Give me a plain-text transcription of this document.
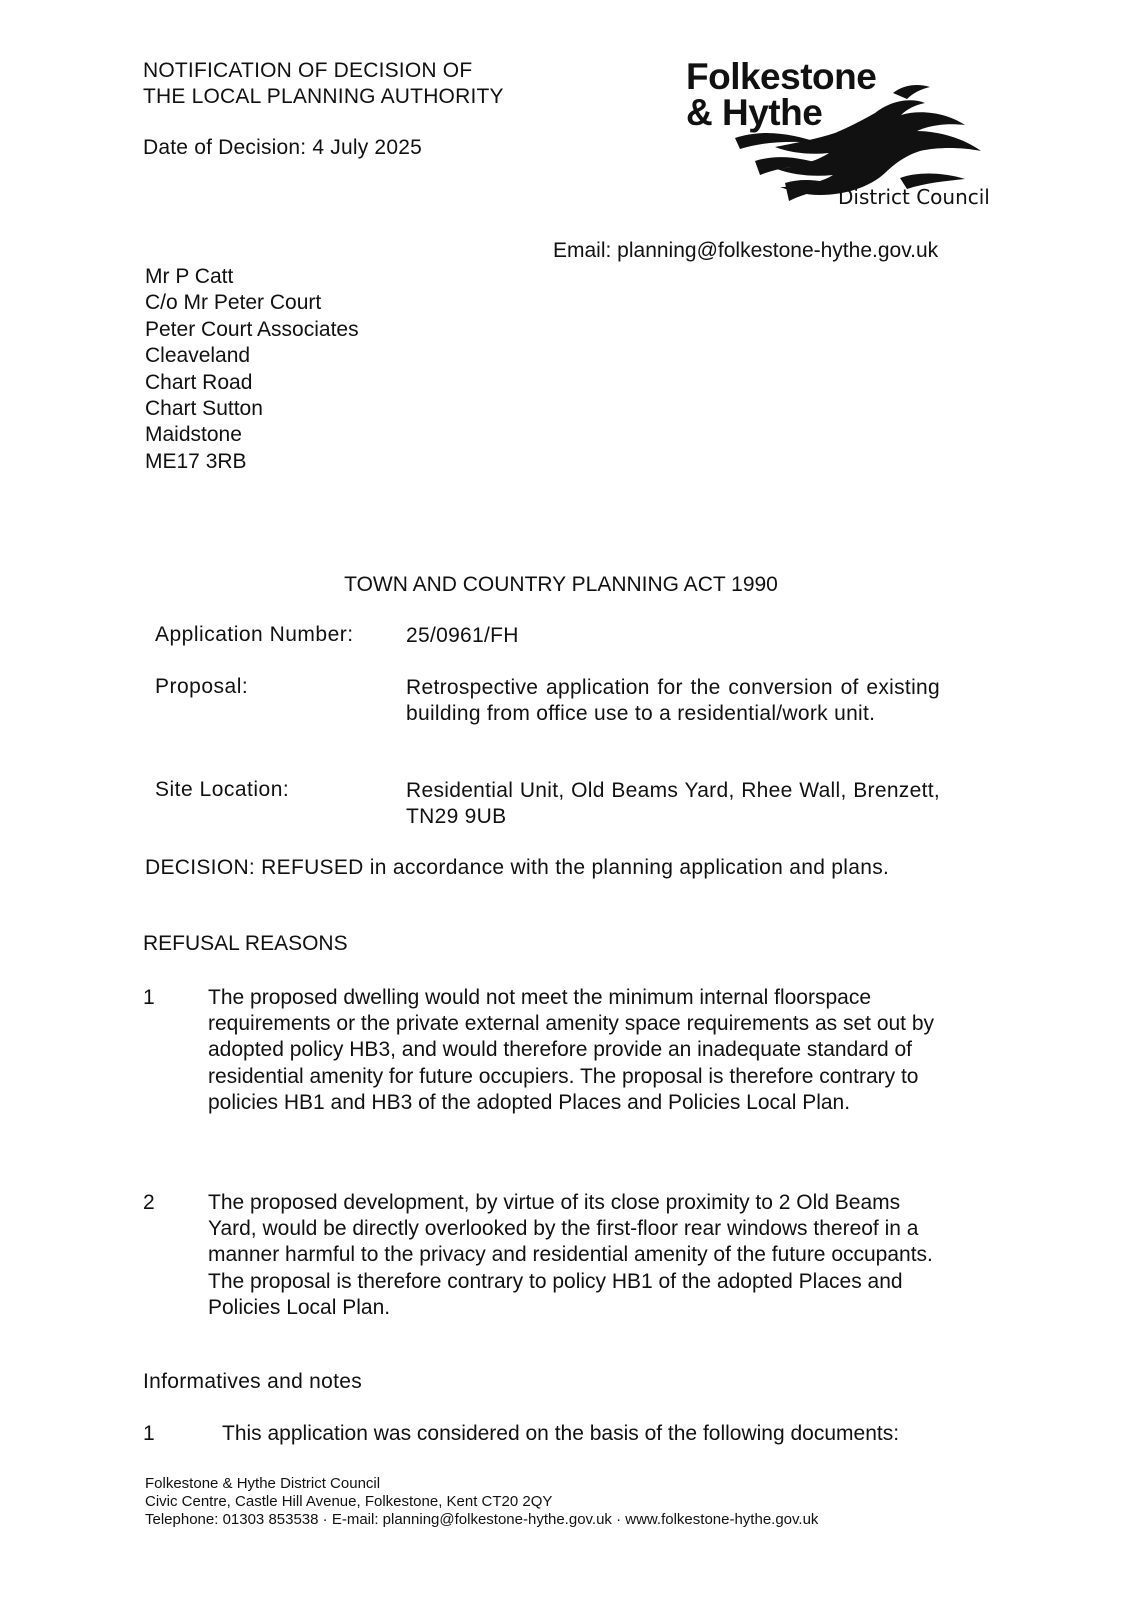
NOTIFICATION OF DECISION OF
THE LOCAL PLANNING AUTHORITY
Date of Decision: 4 July 2025
Folkestone
& Hythe
District Council
Email: planning@folkestone-hythe.gov.uk
Mr P Catt
C/o Mr Peter Court
Peter Court Associates
Cleaveland
Chart Road
Chart Sutton
Maidstone
ME17 3RB
TOWN AND COUNTRY PLANNING ACT 1990
Application Number: 25/0961/FH
Proposal:	Retrospective application for the conversion of existing building from office use to a residential/work unit.
Site Location:	Residential Unit, Old Beams Yard, Rhee Wall, Brenzett, TN29 9UB
DECISION: REFUSED in accordance with the planning application and plans.
REFUSAL REASONS
1	The proposed dwelling would not meet the minimum internal floorspace requirements or the private external amenity space requirements as set out by adopted policy HB3, and would therefore provide an inadequate standard of residential amenity for future occupiers. The proposal is therefore contrary to policies HB1 and HB3 of the adopted Places and Policies Local Plan.
2	The proposed development, by virtue of its close proximity to 2 Old Beams Yard, would be directly overlooked by the first-floor rear windows thereof in a manner harmful to the privacy and residential amenity of the future occupants. The proposal is therefore contrary to policy HB1 of the adopted Places and Policies Local Plan.
Informatives and notes
1	This application was considered on the basis of the following documents:
Folkestone & Hythe District Council
Civic Centre, Castle Hill Avenue, Folkestone, Kent CT20 2QY
Telephone: 01303 853538 · E-mail: planning@folkestone-hythe.gov.uk · www.folkestone-hythe.gov.uk
